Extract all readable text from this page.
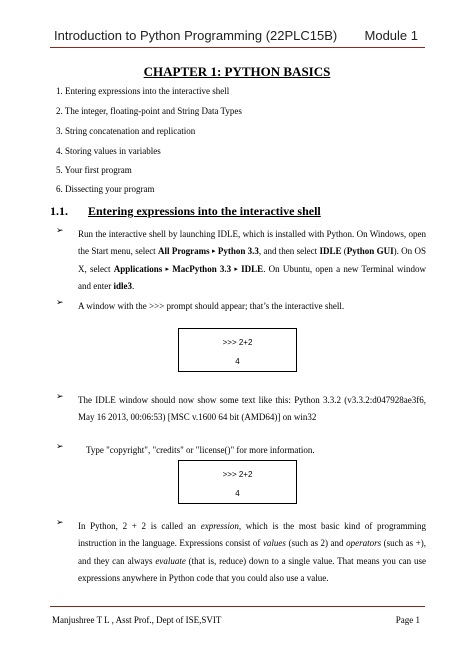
Introduction to Python Programming (22PLC15B) Module 1
CHAPTER 1: PYTHON BASICS
1. Entering expressions into the interactive shell
2. The integer, floating-point and String Data Types
3. String concatenation and replication
4. Storing values in variables
5. Your first program
6. Dissecting your program
1.1. Entering expressions into the interactive shell
➢ Run the interactive shell by launching IDLE, which is installed with Python. On Windows, open the Start menu, select All Programs ▸ Python 3.3, and then select IDLE (Python GUI). On OS X, select Applications ▸ MacPython 3.3 ▸ IDLE. On Ubuntu, open a new Terminal window and enter idle3.
➢ A window with the >>> prompt should appear; that’s the interactive shell.
>>> 2+2
4
➢ The IDLE window should now show some text like this: Python 3.3.2 (v3.3.2:d047928ae3f6, May 16 2013, 00:06:53) [MSC v.1600 64 bit (AMD64)] on win32
➢ Type "copyright", "credits" or "license()" for more information.
>>> 2+2
4
➢ In Python, 2 + 2 is called an expression, which is the most basic kind of programming instruction in the language. Expressions consist of values (such as 2) and operators (such as +), and they can always evaluate (that is, reduce) down to a single value. That means you can use expressions anywhere in Python code that you could also use a value.
Manjushree T L , Asst Prof., Dept of ISE,SVIT	Page 1
